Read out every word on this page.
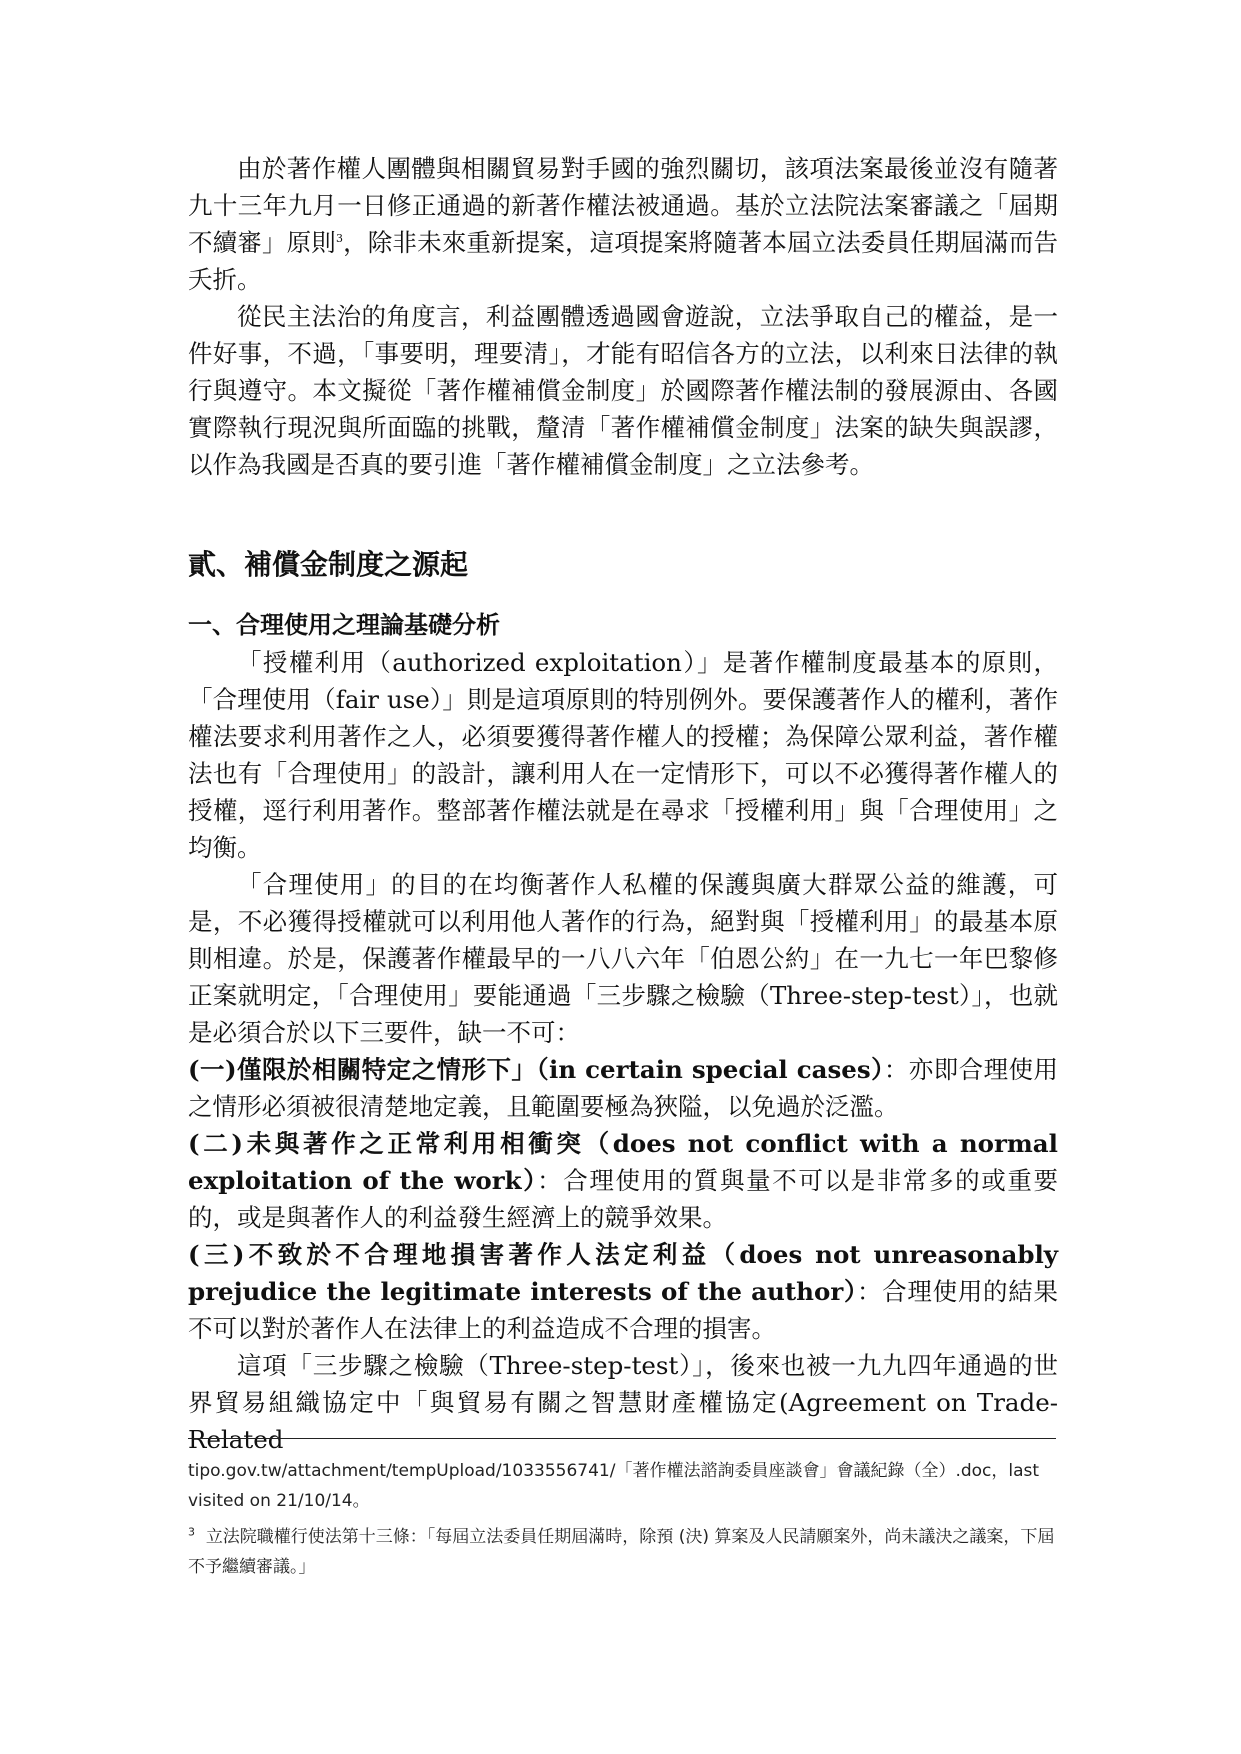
由於著作權人團體與相關貿易對手國的強烈關切，該項法案最後並沒有隨著九十三年九月一日修正通過的新著作權法被通過。基於立法院法案審議之「屆期不續審」原則$^3$，除非未來重新提案，這項提案將隨著本屆立法委員任期屆滿而告夭折。

從民主法治的角度言，利益團體透過國會遊說，立法爭取自己的權益，是一件好事，不過，「事要明，理要清」，才能有昭信各方的立法，以利來日法律的執行與遵守。本文擬從「著作權補償金制度」於國際著作權法制的發展源由、各國實際執行現況與所面臨的挑戰，釐清「著作權補償金制度」法案的缺失與誤謬，以作為我國是否真的要引進「著作權補償金制度」之立法參考。

貳、補償金制度之源起
一、合理使用之理論基礎分析

「授權利用（authorized exploitation）」是著作權制度最基本的原則，「合理使用（fair use）」則是這項原則的特別例外。要保護著作人的權利，著作權法要求利用著作之人，必須要獲得著作權人的授權；為保障公眾利益，著作權法也有「合理使用」的設計，讓利用人在一定情形下，可以不必獲得著作權人的授權，逕行利用著作。整部著作權法就是在尋求「授權利用」與「合理使用」之均衡。

「合理使用」的目的在均衡著作人私權的保護與廣大群眾公益的維護，可是，不必獲得授權就可以利用他人著作的行為，絕對與「授權利用」的最基本原則相違。於是，保護著作權最早的一八八六年「伯恩公約」在一九七一年巴黎修正案就明定，「合理使用」要能通過「三步驟之檢驗（Three-step-test）」，也就是必須合於以下三要件，缺一不可：

(一)僅限於相關特定之情形下」（in certain special cases）：亦即合理使用之情形必須被很清楚地定義，且範圍要極為狹隘，以免過於泛濫。

(二)未與著作之正常利用相衝突（does not conflict with a normal exploitation of the work）：合理使用的質與量不可以是非常多的或重要的，或是與著作人的利益發生經濟上的競爭效果。

(三)不致於不合理地損害著作人法定利益（does not unreasonably prejudice the legitimate interests of the author）：合理使用的結果不可以對於著作人在法律上的利益造成不合理的損害。

這項「三步驟之檢驗（Three-step-test）」，後來也被一九九四年通過的世界貿易組織協定中「與貿易有關之智慧財產權協定(Agreement on Trade-Related

tipo.gov.tw/attachment/tempUpload/1033556741/「著作權法諮詢委員座談會」會議紀錄（全）.doc，last visited on 21/10/14。

$^3$ 立法院職權行使法第十三條：「每屆立法委員任期屆滿時，除預 (決) 算案及人民請願案外，尚未議決之議案，下屆不予繼續審議。」
